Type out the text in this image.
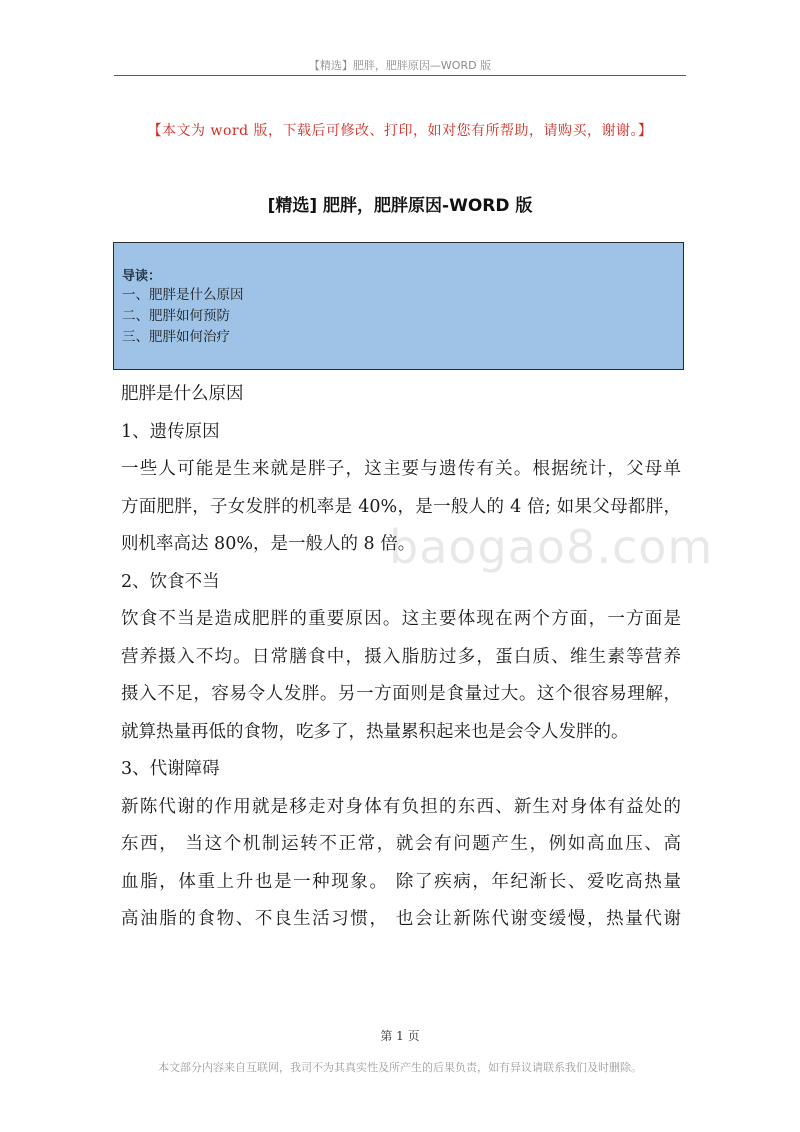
【精选】肥胖，肥胖原因—WORD 版
【本文为 word 版，下载后可修改、打印，如对您有所帮助，请购买，谢谢。】
[精选] 肥胖，肥胖原因-WORD 版
导读：
一、肥胖是什么原因
二、肥胖如何预防
三、肥胖如何治疗
baogao8.com
肥胖是什么原因
1、遗传原因
一些人可能是生来就是胖子，这主要与遗传有关。根据统计，父母单
方面肥胖，子女发胖的机率是 40%，是一般人的 4 倍; 如果父母都胖，
则机率高达 80%，是一般人的 8 倍。
2、饮食不当
饮食不当是造成肥胖的重要原因。这主要体现在两个方面，一方面是
营养摄入不均。日常膳食中，摄入脂肪过多，蛋白质、维生素等营养
摄入不足，容易令人发胖。另一方面则是食量过大。这个很容易理解，
就算热量再低的食物，吃多了，热量累积起来也是会令人发胖的。
3、代谢障碍
新陈代谢的作用就是移走对身体有负担的东西、新生对身体有益处的
东西， 当这个机制运转不正常，就会有问题产生，例如高血压、高
血脂，体重上升也是一种现象。 除了疾病，年纪渐长、爱吃高热量
高油脂的食物、不良生活习惯， 也会让新陈代谢变缓慢，热量代谢
第 1 页
本文部分内容来自互联网，我司不为其真实性及所产生的后果负责，如有异议请联系我们及时删除。
